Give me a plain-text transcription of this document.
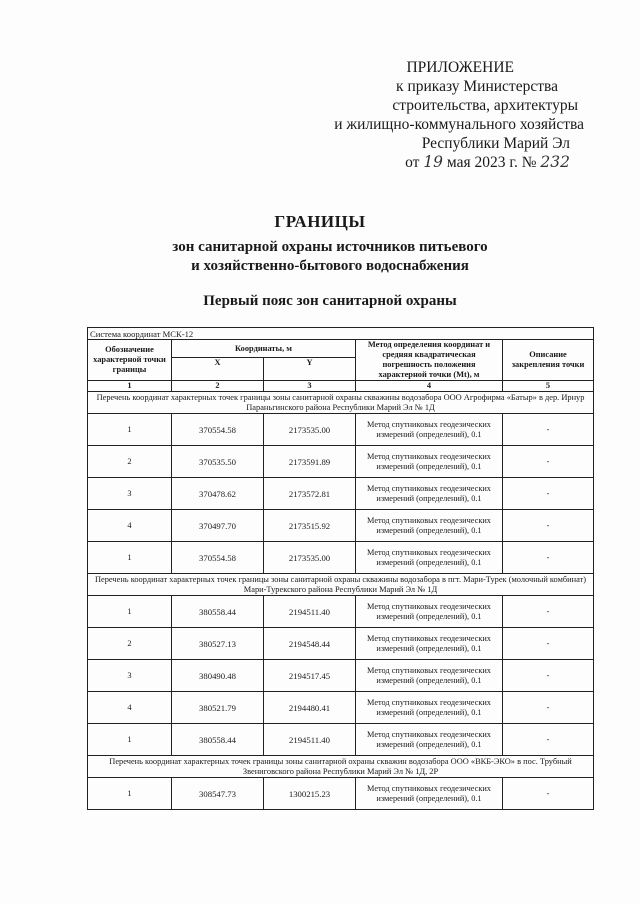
ПРИЛОЖЕНИЕ
к приказу Министерства
строительства, архитектуры
и жилищно-коммунального хозяйства
Республики Марий Эл
от 19 мая 2023 г. № 232
ГРАНИЦЫ
зон санитарной охраны источников питьевого
и хозяйственно-бытового водоснабжения
Первый пояс зон санитарной охраны
Система координат МСК-12				
Обозначение характерной точки границы	Координаты, м		Метод определения координат и средняя квадратическая погрешность положения характерной точки (Mt), м	Описание закрепления точки
	X	Y		
1	2	3	4	5
Перечень координат характерных точек границы зоны санитарной охраны скважины водозабора ООО Агрофирма «Батыр» в дер. Ирнур Параньгинского района Республики Марий Эл № 1Д				
1	370554.58	2173535.00	Метод спутниковых геодезических измерений (определений), 0.1	-
2	370535.50	2173591.89	Метод спутниковых геодезических измерений (определений), 0.1	-
3	370478.62	2173572.81	Метод спутниковых геодезических измерений (определений), 0.1	-
4	370497.70	2173515.92	Метод спутниковых геодезических измерений (определений), 0.1	-
1	370554.58	2173535.00	Метод спутниковых геодезических измерений (определений), 0.1	-
Перечень координат характерных точек границы зоны санитарной охраны скважины водозабора в пгт. Мари-Турек (молочный комбинат) Мари-Турекского района Республики Марий Эл № 1Д				
1	380558.44	2194511.40	Метод спутниковых геодезических измерений (определений), 0.1	-
2	380527.13	2194548.44	Метод спутниковых геодезических измерений (определений), 0.1	-
3	380490.48	2194517.45	Метод спутниковых геодезических измерений (определений), 0.1	-
4	380521.79	2194480.41	Метод спутниковых геодезических измерений (определений), 0.1	-
1	380558.44	2194511.40	Метод спутниковых геодезических измерений (определений), 0.1	-
Перечень координат характерных точек границы зоны санитарной охраны скважин водозабора ООО «ВКБ-ЭКО» в пос. Трубный Звениговского района Республики Марий Эл № 1Д, 2Р				
1	308547.73	1300215.23	Метод спутниковых геодезических измерений (определений), 0.1	-
